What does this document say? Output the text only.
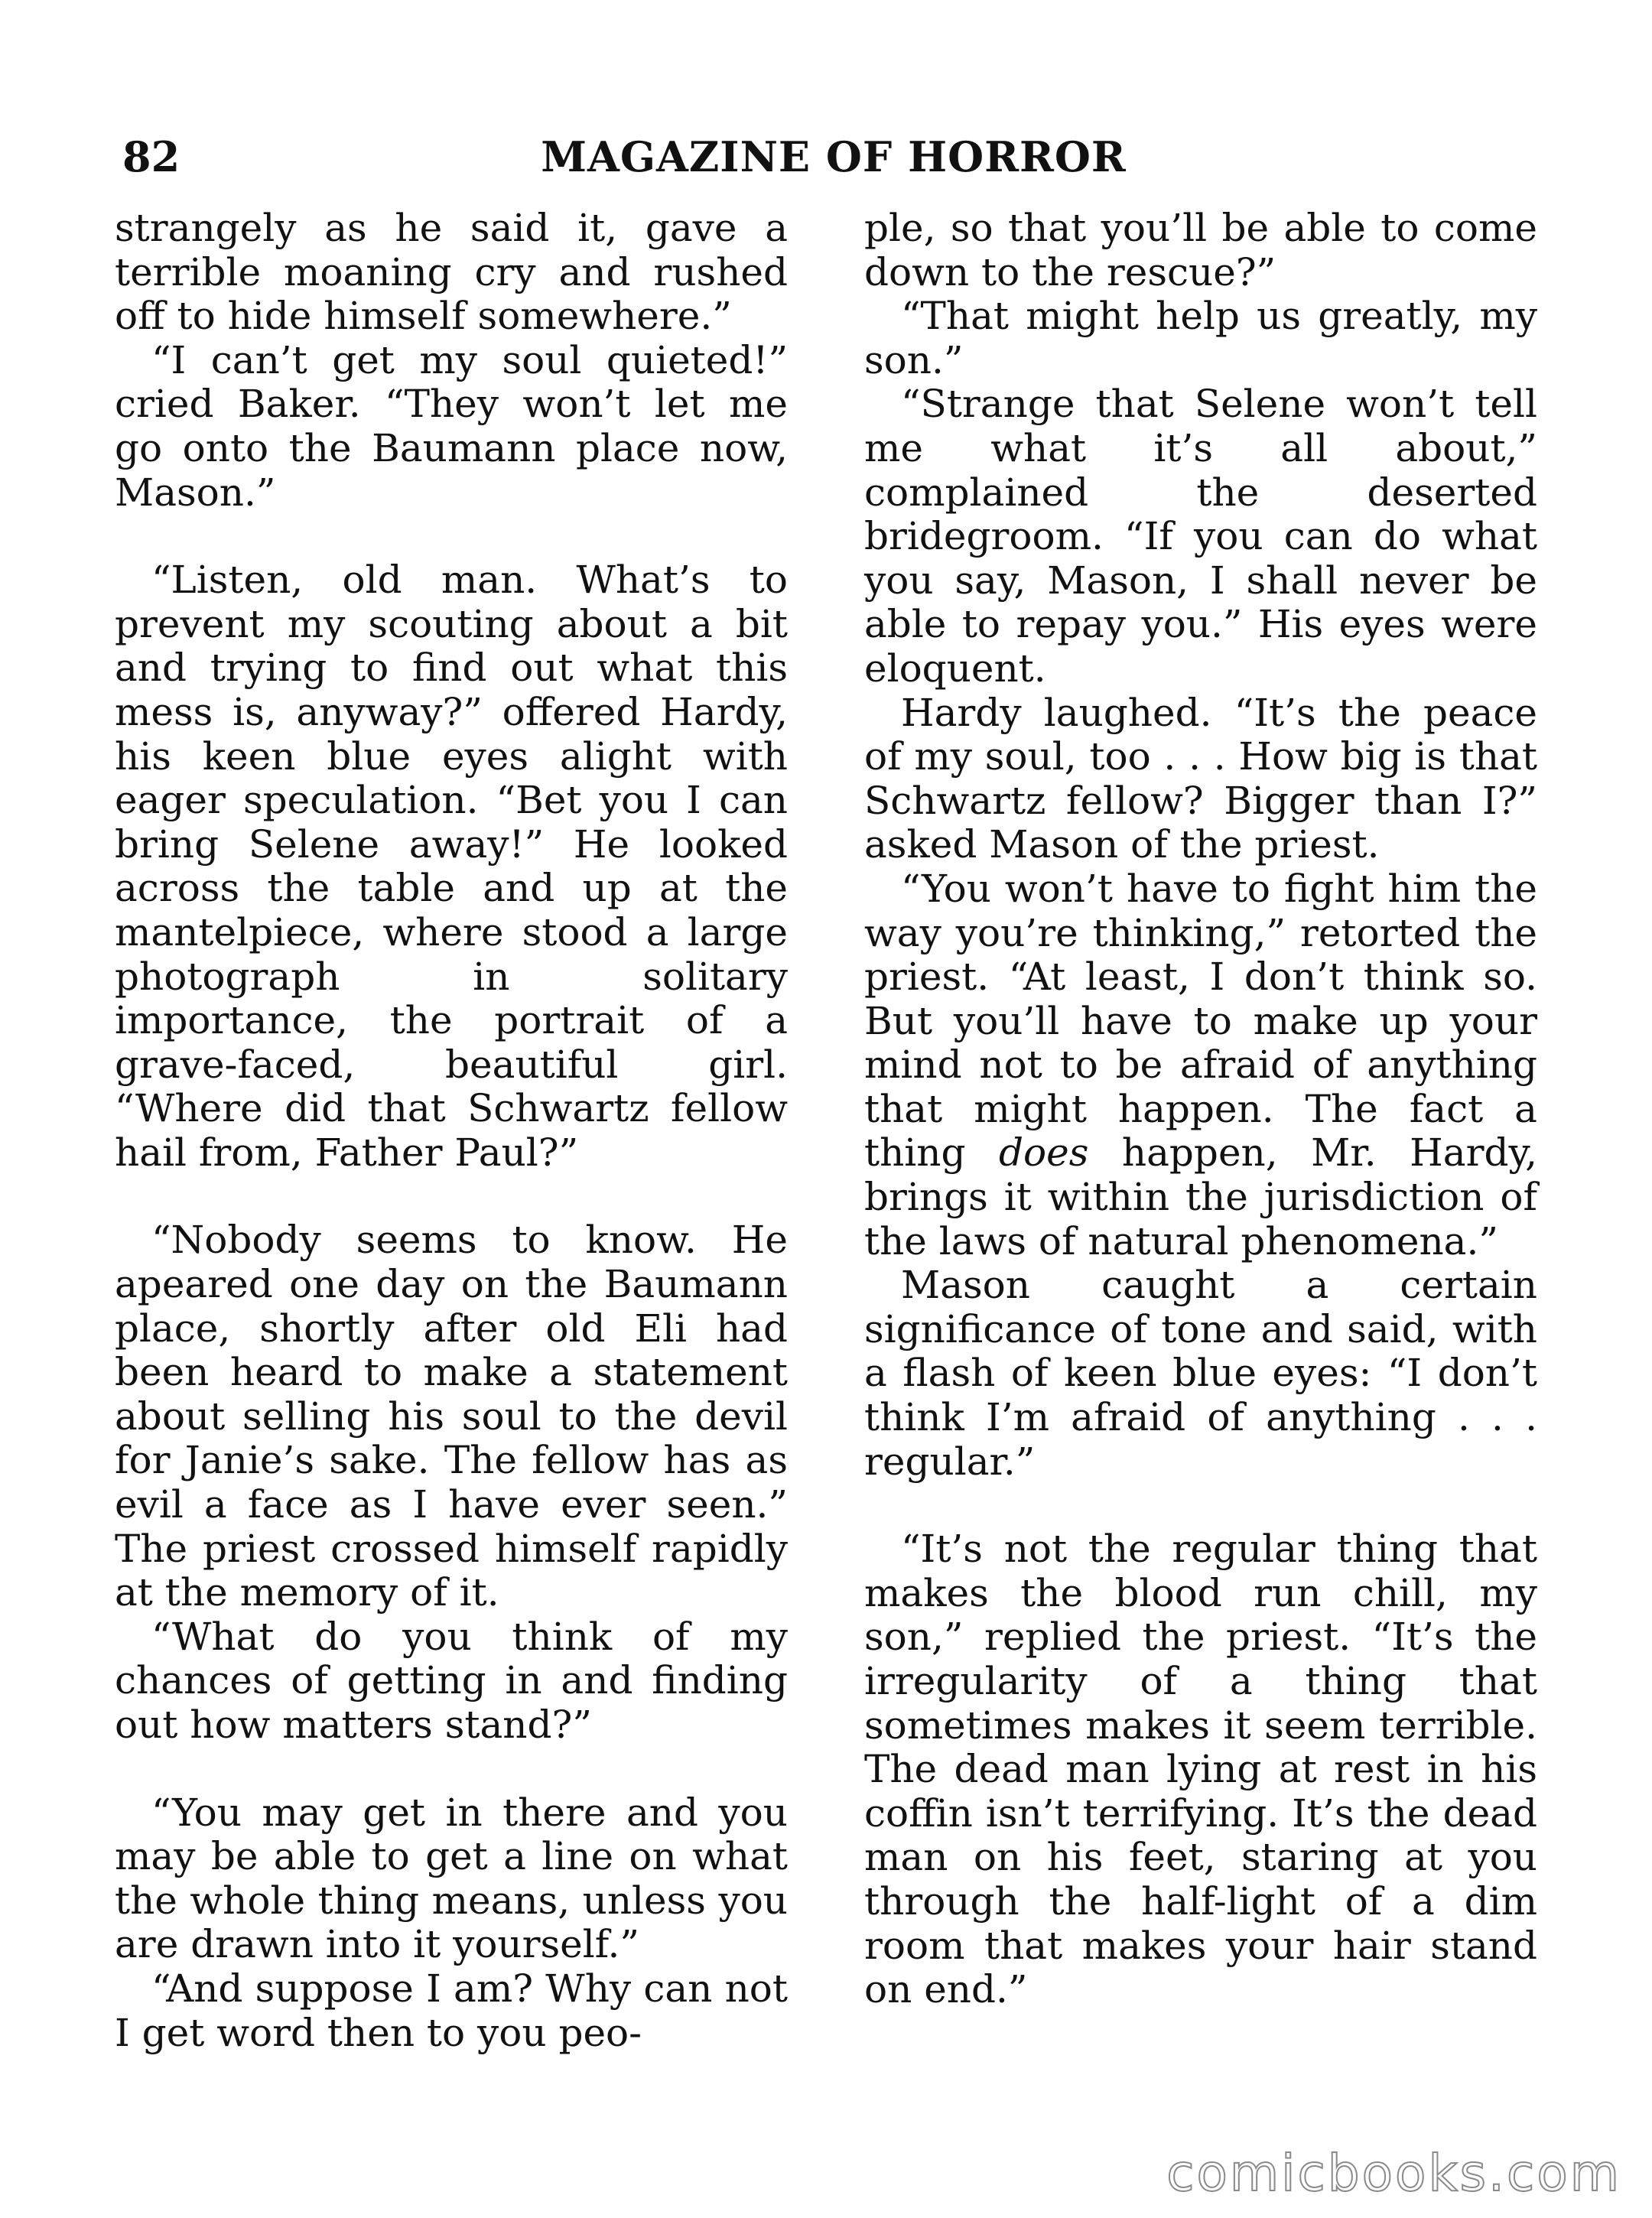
82	MAGAZINE OF HORROR

strangely as he said it, gave a terrible moaning cry and rushed off to hide himself somewhere.”

“I can’t get my soul quieted!” cried Baker. “They won’t let me go onto the Baumann place now, Mason.”

“Listen, old man. What’s to prevent my scouting about a bit and trying to find out what this mess is, anyway?” offered Hardy, his keen blue eyes alight with eager speculation. “Bet you I can bring Selene away!” He looked across the table and up at the mantelpiece, where stood a large photograph in solitary importance, the portrait of a grave-faced, beautiful girl. “Where did that Schwartz fellow hail from, Father Paul?”

“Nobody seems to know. He apeared one day on the Baumann place, shortly after old Eli had been heard to make a statement about selling his soul to the devil for Janie’s sake. The fellow has as evil a face as I have ever seen.” The priest crossed himself rapidly at the memory of it.

“What do you think of my chances of getting in and finding out how matters stand?”

“You may get in there and you may be able to get a line on what the whole thing means, unless you are drawn into it yourself.”

“And suppose I am? Why can not I get word then to you peo-

ple, so that you’ll be able to come down to the rescue?”

“That might help us greatly, my son.”

“Strange that Selene won’t tell me what it’s all about,” complained the deserted bridegroom. “If you can do what you say, Mason, I shall never be able to repay you.” His eyes were eloquent.

Hardy laughed. “It’s the peace of my soul, too . . . How big is that Schwartz fellow? Bigger than I?” asked Mason of the priest.

“You won’t have to fight him the way you’re thinking,” retorted the priest. “At least, I don’t think so. But you’ll have to make up your mind not to be afraid of anything that might happen. The fact a thing does happen, Mr. Hardy, brings it within the jurisdiction of the laws of natural phenomena.”

Mason caught a certain significance of tone and said, with a flash of keen blue eyes: “I don’t think I’m afraid of anything . . . regular.”

“It’s not the regular thing that makes the blood run chill, my son,” replied the priest. “It’s the irregularity of a thing that sometimes makes it seem terrible. The dead man lying at rest in his coffin isn’t terrifying. It’s the dead man on his feet, staring at you through the half-light of a dim room that makes your hair stand on end.”

comicbooks.com
